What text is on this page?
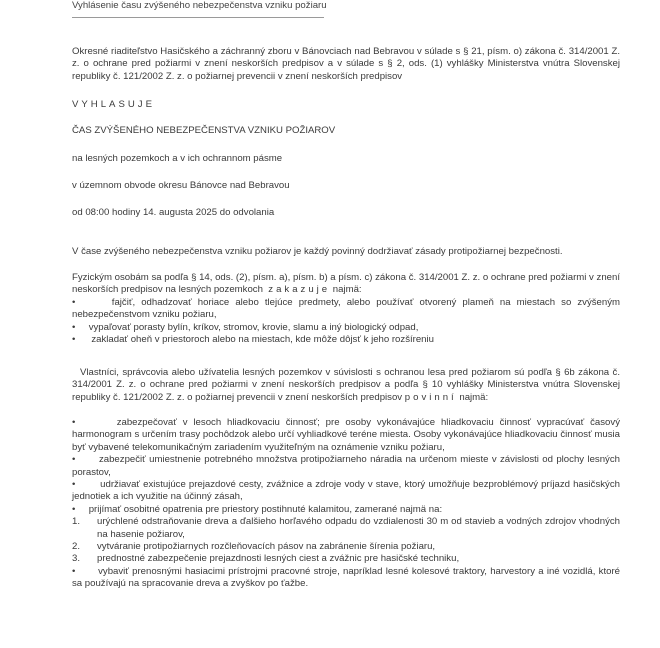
Vyhlásenie času zvýšeného nebezpečenstva vzniku požiaru

Okresné riaditeľstvo Hasičského a záchranný zboru v Bánovciach nad Bebravou v súlade s § 21, písm. o) zákona č. 314/2001 Z. z. o ochrane pred požiarmi v znení neskorších predpisov a v súlade s § 2, ods. (1) vyhlášky Ministerstva vnútra Slovenskej republiky č. 121/2002 Z. z. o požiarnej prevencii v znení neskorších predpisov

VYHLASUJE

ČAS ZVÝŠENÉHO NEBEZPEČENSTVA VZNIKU POŽIAROV

na lesných pozemkoch a v ich ochrannom pásme

v územnom obvode okresu Bánovce nad Bebravou

od 08:00 hodiny 14. augusta 2025 do odvolania

V čase zvýšeného nebezpečenstva vzniku požiarov je každý povinný dodržiavať zásady protipožiarnej bezpečnosti.

Fyzickým osobám sa podľa § 14, ods. (2), písm. a), písm. b) a písm. c) zákona č. 314/2001 Z. z. o ochrane pred požiarmi v znení neskorších predpisov na lesných pozemkoch zakazuje najmä:

•      fajčiť, odhadzovať horiace alebo tlejúce predmety, alebo používať otvorený plameň na miestach so zvýšeným nebezpečenstvom vzniku požiaru,

•     vypaľovať porasty bylín, kríkov, stromov, krovie, slamu a iný biologický odpad,

•      zakladať oheň v priestoroch alebo na miestach, kde môže dôjsť k jeho rozšíreniu

Vlastníci, správcovia alebo užívatelia lesných pozemkov v súvislosti s ochranou lesa pred požiarom sú podľa § 6b zákona č. 314/2001 Z. z. o ochrane pred požiarmi v znení neskorších predpisov a podľa § 10 vyhlášky Ministerstva vnútra Slovenskej republiky č. 121/2002 Z. z. o požiarnej prevencii v znení neskorších predpisov povinní najmä:

•       zabezpečovať v lesoch hliadkovaciu činnosť; pre osoby vykonávajúce hliadkovaciu činnosť vypracúvať časový harmonogram s určením trasy pochôdzok alebo určí vyhliadkové teréne miesta. Osoby vykonávajúce hliadkovaciu činnosť musia byť vybavené telekomunikačným zariadením využiteľným na oznámenie vzniku požiaru,

•       zabezpečiť umiestnenie potrebného množstva protipožiarneho náradia na určenom mieste v závislosti od plochy lesných porastov,

•        udržiavať existujúce prejazdové cesty, zvážnice a zdroje vody v stave, ktorý umožňuje bezproblémový príjazd hasičských jednotiek a ich využitie na účinný zásah,

•     prijímať osobitné opatrenia pre priestory postihnuté kalamitou, zamerané najmä na:

1.	urýchlené odstraňovanie dreva a ďalšieho horľavého odpadu do vzdialenosti 30 m od stavieb a vodných zdrojov vhodných na hasenie požiarov,

2.	vytváranie protipožiarnych rozčleňovacích pásov na zabránenie šírenia požiaru,

3.	prednostné zabezpečenie prejazdnosti lesných ciest a zvážnic pre hasičské techniku,

•       vybaviť prenosnými hasiacimi prístrojmi pracovné stroje, napríklad lesné kolesové traktory, harvestory a iné vozidlá, ktoré sa používajú na spracovanie dreva a zvyškov po ťažbe.
